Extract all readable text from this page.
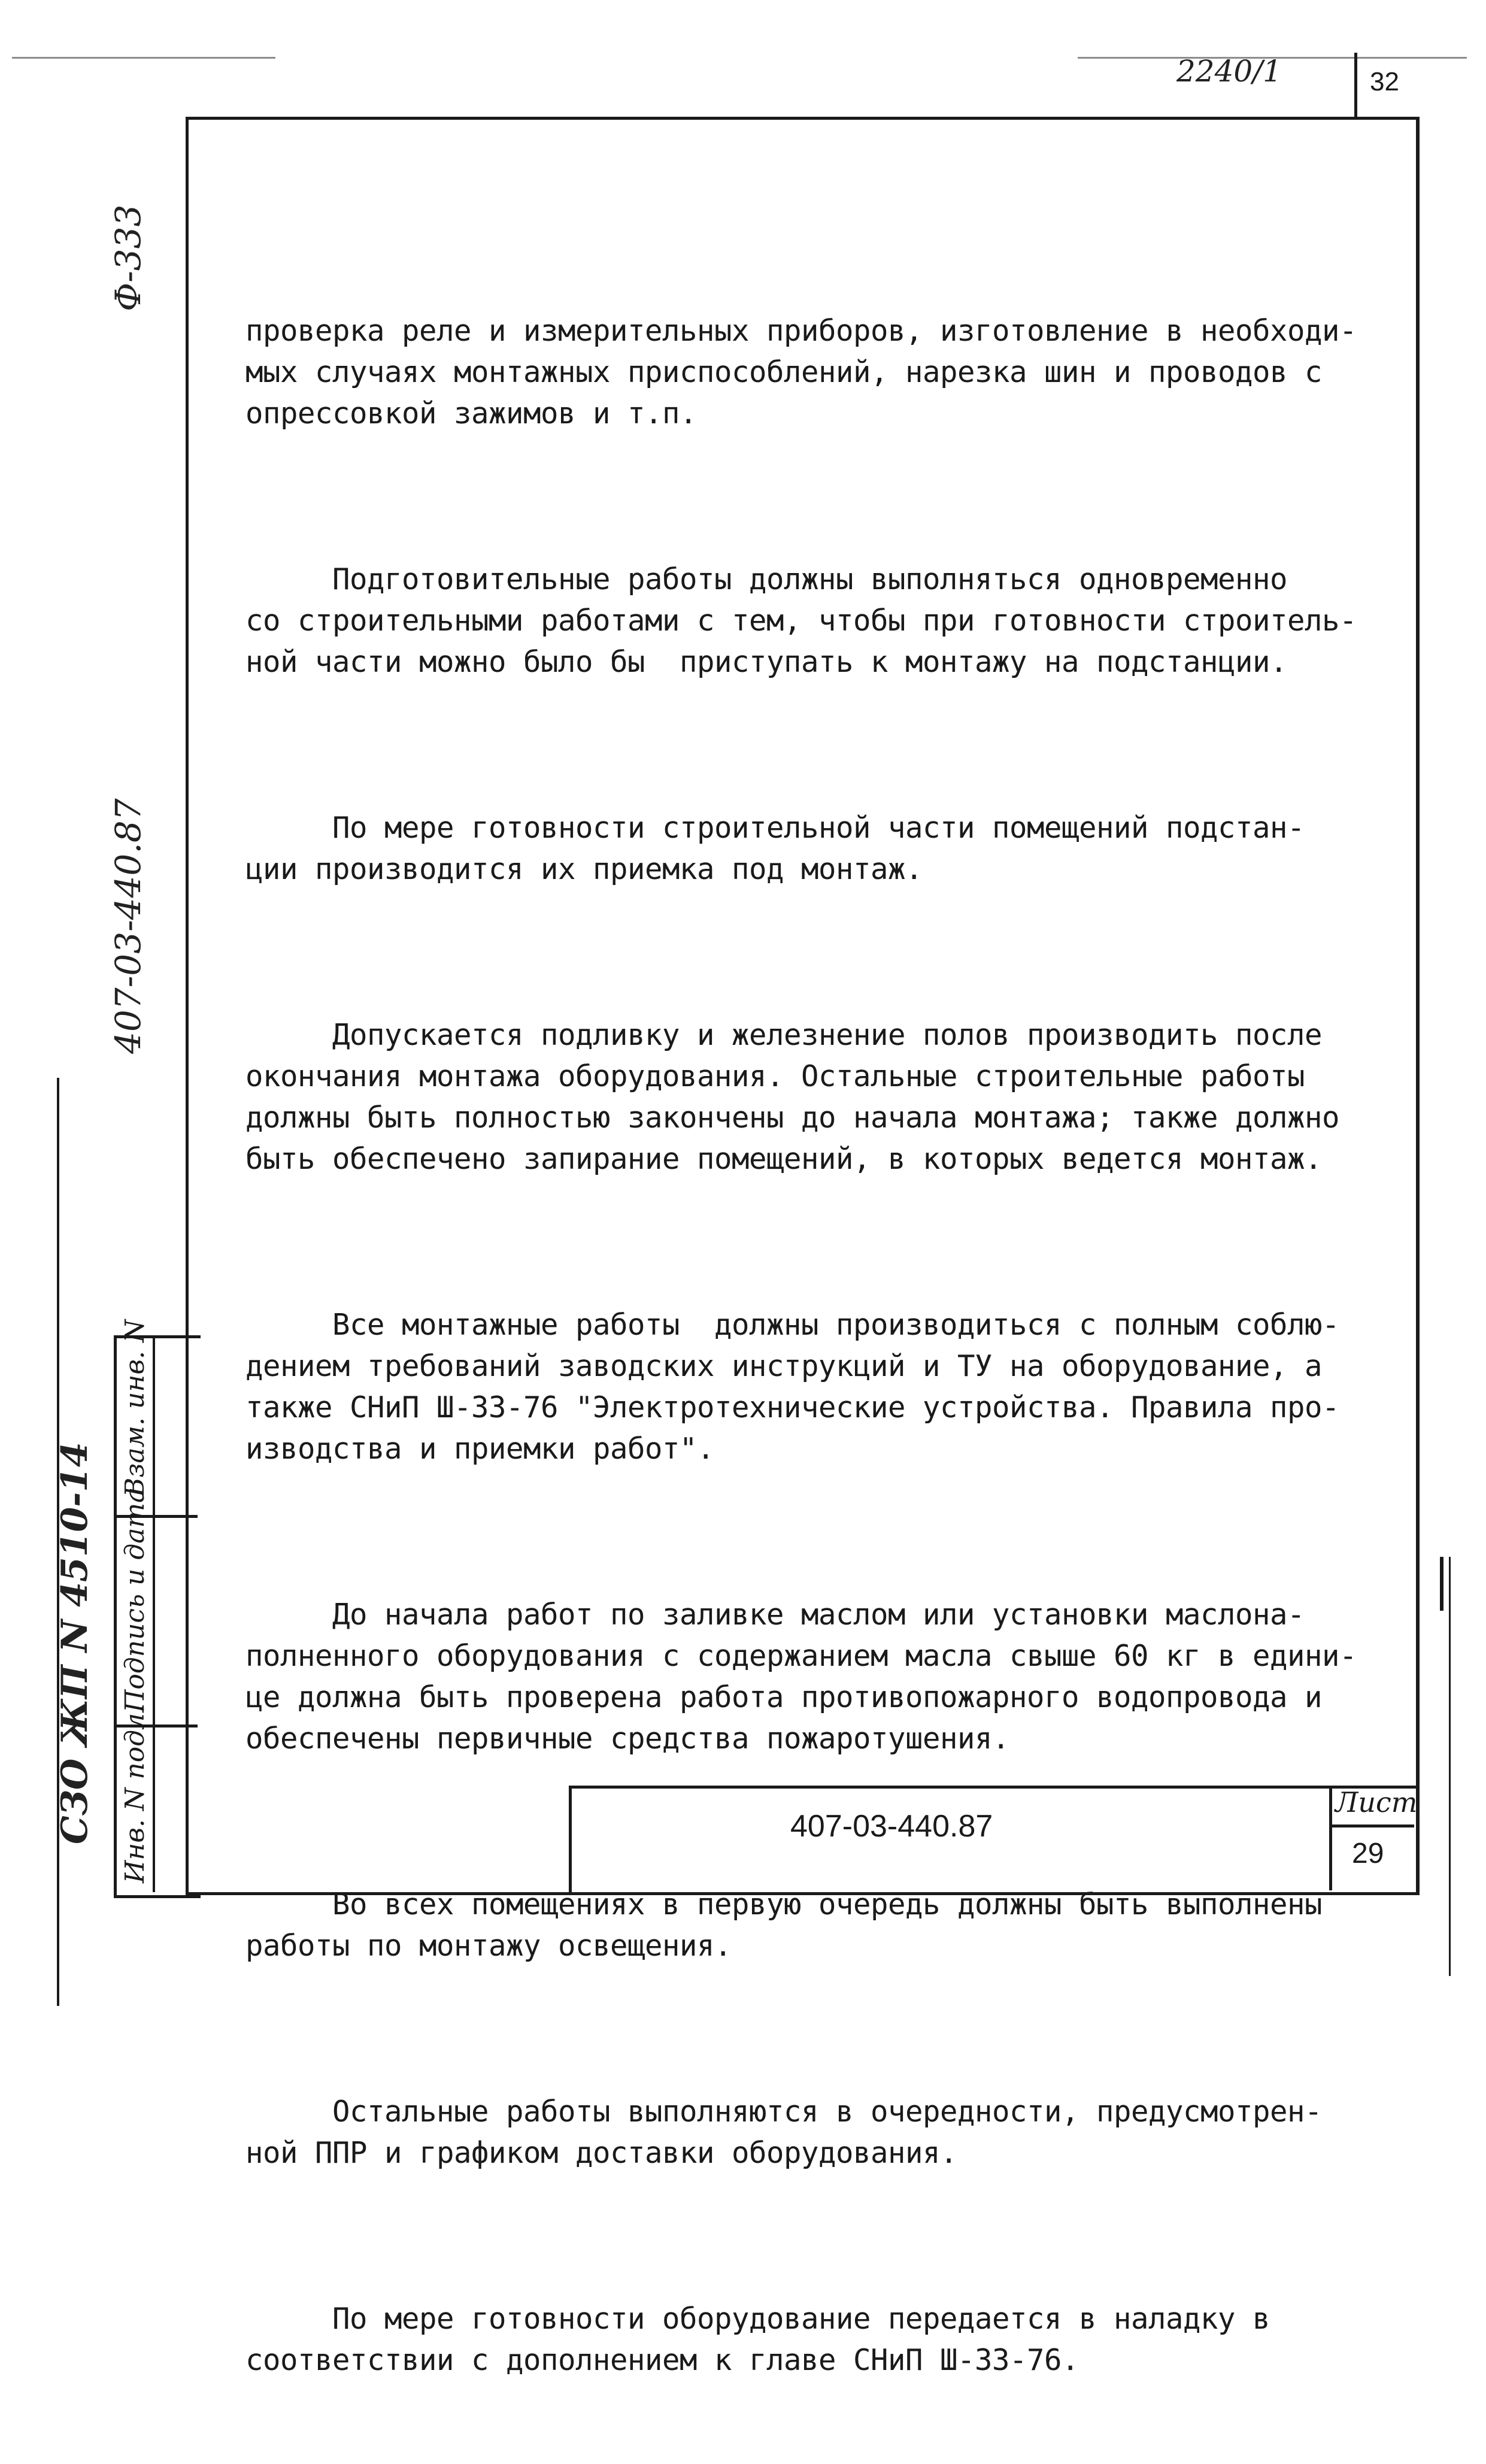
32
2240/1
Ф-333
407-03-440.87
СЗО ЖП N 4510-14
Взам. инв. N
Подпись и дата
Инв. N подл.

проверка реле и измерительных приборов, изготовление в необходи-
мых случаях монтажных приспособлений, нарезка шин и проводов с
опрессовкой зажимов и т.п.

Подготовительные работы должны выполняться одновременно
со строительными работами с тем, чтобы при готовности строитель-
ной части можно было бы  приступать к монтажу на подстанции.

По мере готовности строительной части помещений подстан-
ции производится их приемка под монтаж.

Допускается подливку и железнение полов производить после
окончания монтажа оборудования. Остальные строительные работы
должны быть полностью закончены до начала монтажа; также должно
быть обеспечено запирание помещений, в которых ведется монтаж.

Все монтажные работы  должны производиться с полным соблю-
дением требований заводских инструкций и ТУ на оборудование, а
также СНиП Ш-33-76 "Электротехнические устройства. Правила про-
изводства и приемки работ".

До начала работ по заливке маслом или установки маслона-
полненного оборудования с содержанием масла свыше 60 кг в едини-
це должна быть проверена работа противопожарного водопровода и
обеспечены первичные средства пожаротушения.

Во всех помещениях в первую очередь должны быть выполнены
работы по монтажу освещения.

Остальные работы выполняются в очередности, предусмотрен-
ной ППР и графиком доставки оборудования.

По мере готовности оборудование передается в наладку в
соответствии с дополнением к главе СНиП Ш-33-76.

407-03-440.87
Лист
29
